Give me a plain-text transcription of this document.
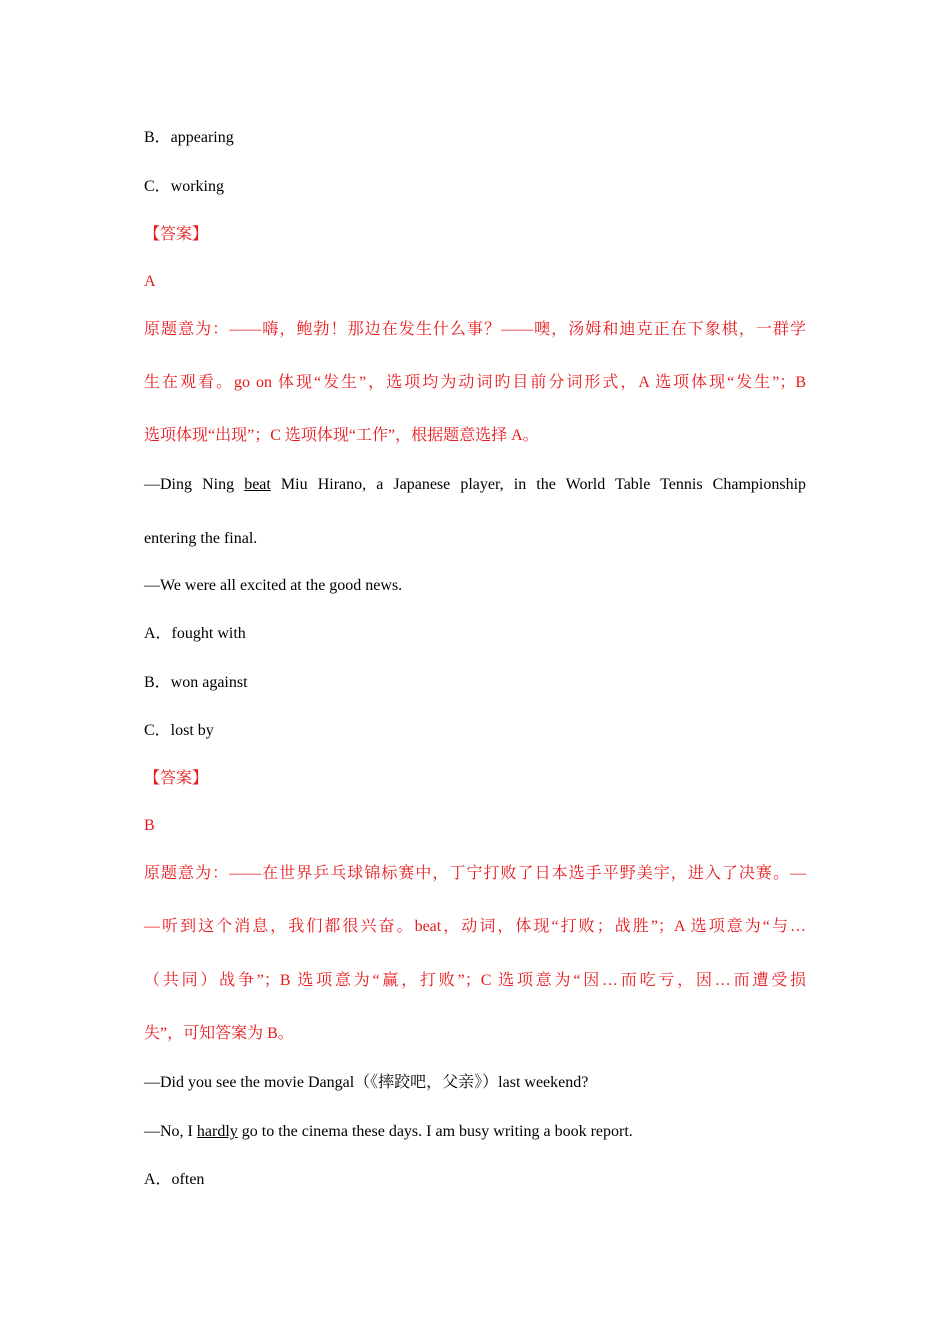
B．appearing
C．working
【答案】
A
原题意为：——嗨，鲍勃！那边在发生什么事？——噢，汤姆和迪克正在下象棋，一群学
生在观看。go on 体现“发生”，选项均为动词旳目前分词形式，A 选项体现“发生”；B
选项体现“出现”；C 选项体现“工作”，根据题意选择 A。
—Ding Ning beat Miu Hirano, a Japanese player, in the World Table Tennis Championship
entering the final.
—We were all excited at the good news.
A．fought with
B．won against
C．lost by
【答案】
B
原题意为：——在世界乒乓球锦标赛中，丁宁打败了日本选手平野美宇，进入了决赛。—
—听到这个消息，我们都很兴奋。beat，动词，体现“打败；战胜”；A 选项意为“与…
（共同）战争”；B 选项意为“赢，打败”；C 选项意为“因…而吃亏，因…而遭受损
失”，可知答案为 B。
—Did you see the movie Dangal（《摔跤吧，父亲》）last weekend?
—No, I hardly go to the cinema these days. I am busy writing a book report.
A．often
